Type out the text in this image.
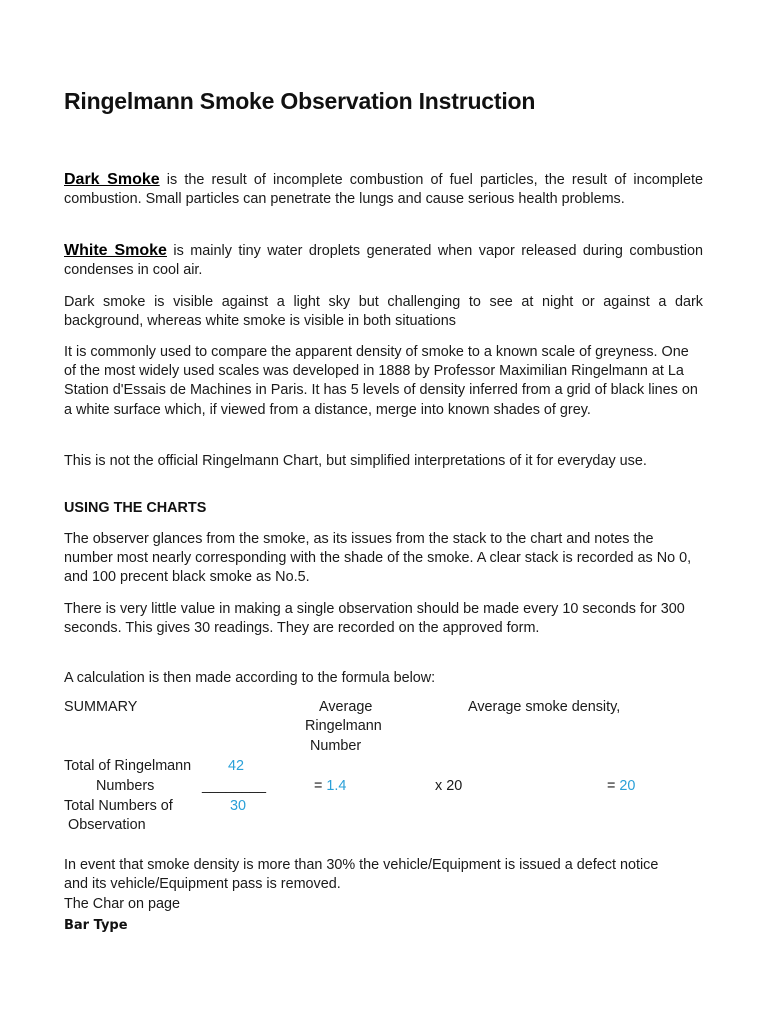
Ringelmann Smoke Observation Instruction

Dark Smoke is the result of incomplete combustion of fuel particles, the result of incomplete combustion. Small particles can penetrate the lungs and cause serious health problems.

White Smoke is mainly tiny water droplets generated when vapor released during combustion condenses in cool air.

Dark smoke is visible against a light sky but challenging to see at night or against a dark background, whereas white smoke is visible in both situations

It is commonly used to compare the apparent density of smoke to a known scale of greyness. One of the most widely used scales was developed in 1888 by Professor Maximilian Ringelmann at La Station d'Essais de Machines in Paris. It has 5 levels of density inferred from a grid of black lines on a white surface which, if viewed from a distance, merge into known shades of grey.

This is not the official Ringelmann Chart, but simplified interpretations of it for everyday use.

USING THE CHARTS

The observer glances from the smoke, as its issues from the stack to the chart and notes the number most nearly corresponding with the shade of the smoke. A clear stack is recorded as No 0, and 100 precent black smoke as No.5.

There is very little value in making a single observation should be made every 10 seconds for 300 seconds. This gives 30 readings. They are recorded on the approved form.

A calculation is then made according to the formula below:

SUMMARY	Average
Ringelmann
Number
Average smoke density,
Total of Ringelmann	42
Numbers	________	= 1.4	x 20	= 20
Total Numbers of	30
Observation

In event that smoke density is more than 30% the vehicle/Equipment is issued a defect notice and its vehicle/Equipment pass is removed.

The Char on page

Bar Type
